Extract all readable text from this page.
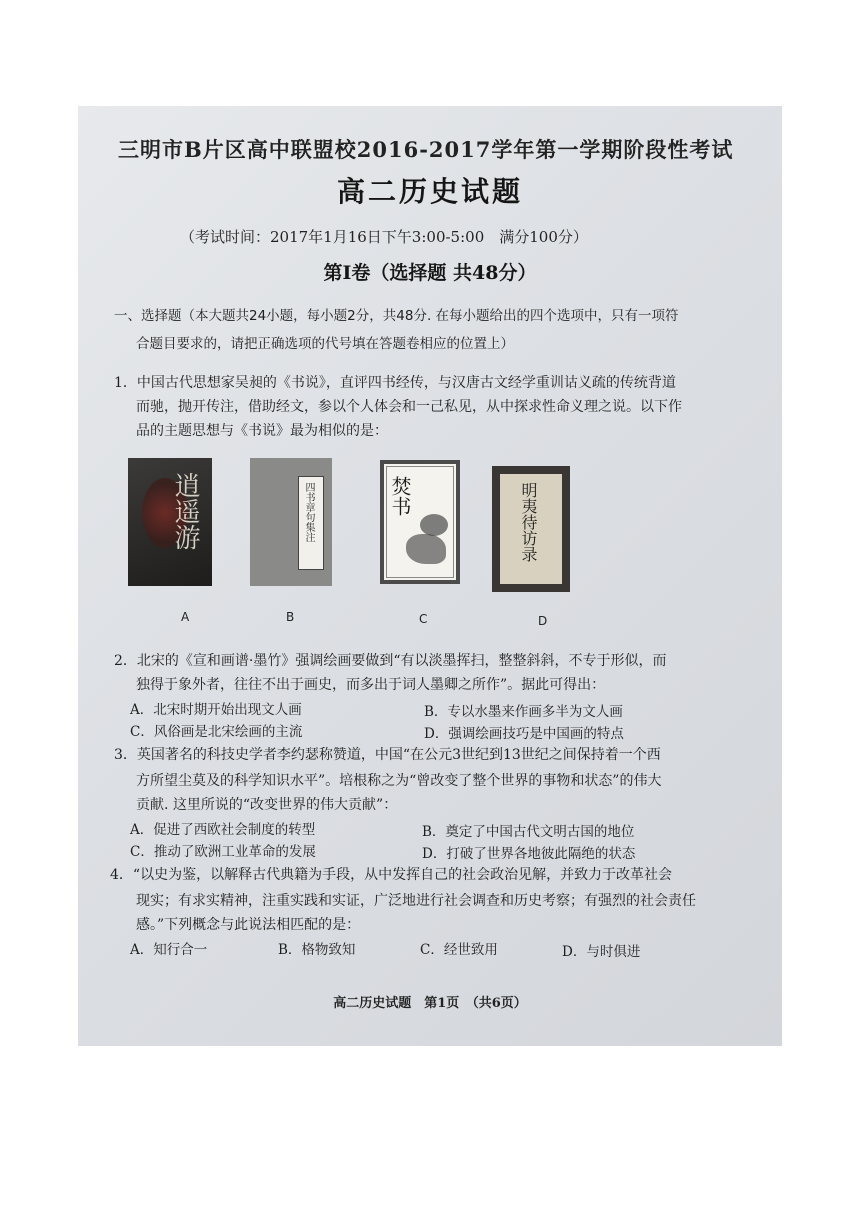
三明市B片区高中联盟校2016-2017学年第一学期阶段性考试
高二历史试题
（考试时间：2017年1月16日下午3:00-5:00　满分100分）
第Ⅰ卷（选择题 共48分）
一、选择题（本大题共24小题，每小题2分，共48分. 在每小题给出的四个选项中，只有一项符
合题目要求的，请把正确选项的代号填在答题卷相应的位置上）
1．中国古代思想家吴昶的《书说》，直评四书经传，与汉唐古文经学重训诂义疏的传统背道
而驰，抛开传注，借助经文，参以个人体会和一己私见，从中探求性命义理之说。以下作
品的主题思想与《书说》最为相似的是：
逍遥游
A
四书章句集注
B
焚书
C
明夷待访录
D
2．北宋的《宣和画谱·墨竹》强调绘画要做到“有以淡墨挥扫，整整斜斜，不专于形似，而
独得于象外者，往往不出于画史，而多出于词人墨卿之所作”。据此可得出：
A．北宋时期开始出现文人画	B．专以水墨来作画多半为文人画
C．风俗画是北宋绘画的主流	D．强调绘画技巧是中国画的特点
3．英国著名的科技史学者李约瑟称赞道，中国“在公元3世纪到13世纪之间保持着一个西
方所望尘莫及的科学知识水平”。培根称之为“曾改变了整个世界的事物和状态”的伟大
贡献. 这里所说的“改变世界的伟大贡献”：
A．促进了西欧社会制度的转型	B．奠定了中国古代文明古国的地位
C．推动了欧洲工业革命的发展	D．打破了世界各地彼此隔绝的状态
4．“以史为鉴，以解释古代典籍为手段，从中发挥自己的社会政治见解，并致力于改革社会
现实；有求实精神，注重实践和实证，广泛地进行社会调查和历史考察；有强烈的社会责任
感。”下列概念与此说法相匹配的是：
A．知行合一	B．格物致知	C．经世致用	D．与时俱进
高二历史试题　第1页　（共6页）
